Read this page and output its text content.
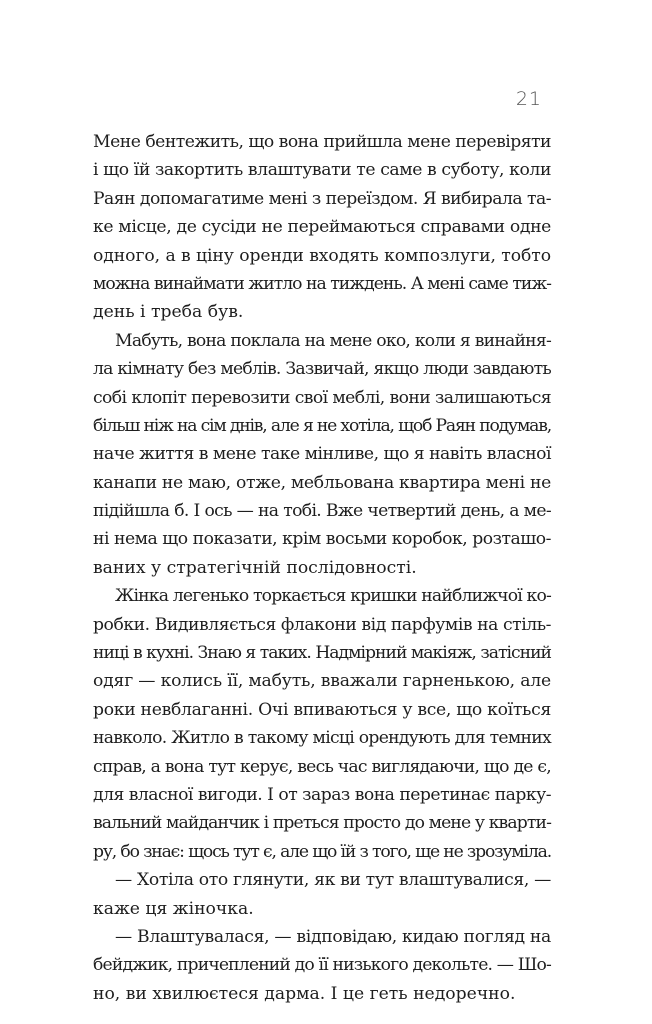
21
Мене бентежить, що вона прийшла мене перевіряти
і що їй закортить влаштувати те саме в суботу, коли
Раян допомагатиме мені з переїздом. Я вибирала та-
ке місце, де сусіди не переймаються справами одне
одного, а в ціну оренди входять композлуги, тобто
можна винаймати житло на тиждень. А мені саме тиж-
день і треба був.
Мабуть, вона поклала на мене око, коли я винайня-
ла кімнату без меблів. Зазвичай, якщо люди завдають
собі клопіт перевозити свої меблі, вони залишаються
більш ніж на сім днів, але я не хотіла, щоб Раян подумав,
наче життя в мене таке мінливе, що я навіть власної
канапи не маю, отже, мебльована квартира мені не
підійшла б. І ось — на тобі. Вже четвертий день, а ме-
ні нема що показати, крім восьми коробок, розташо-
ваних у стратегічній послідовності.
Жінка легенько торкається кришки найближчої ко-
робки. Видивляється флакони від парфумів на стіль-
ниці в кухні. Знаю я таких. Надмірний макіяж, затісний
одяг — колись її, мабуть, вважали гарненькою, але
роки невблаганні. Очі впиваються у все, що коїться
навколо. Житло в такому місці орендують для темних
справ, а вона тут керує, весь час виглядаючи, що де є,
для власної вигоди. І от зараз вона перетинає парку-
вальний майданчик і преться просто до мене у кварти-
ру, бо знає: щось тут є, але що їй з того, ще не зрозуміла.
— Хотіла ото глянути, як ви тут влаштувалися, —
каже ця жіночка.
— Влаштувалася, — відповідаю, кидаю погляд на
бейджик, причеплений до її низького декольте. — Шо-
но, ви хвилюєтеся дарма. І це геть недоречно.
